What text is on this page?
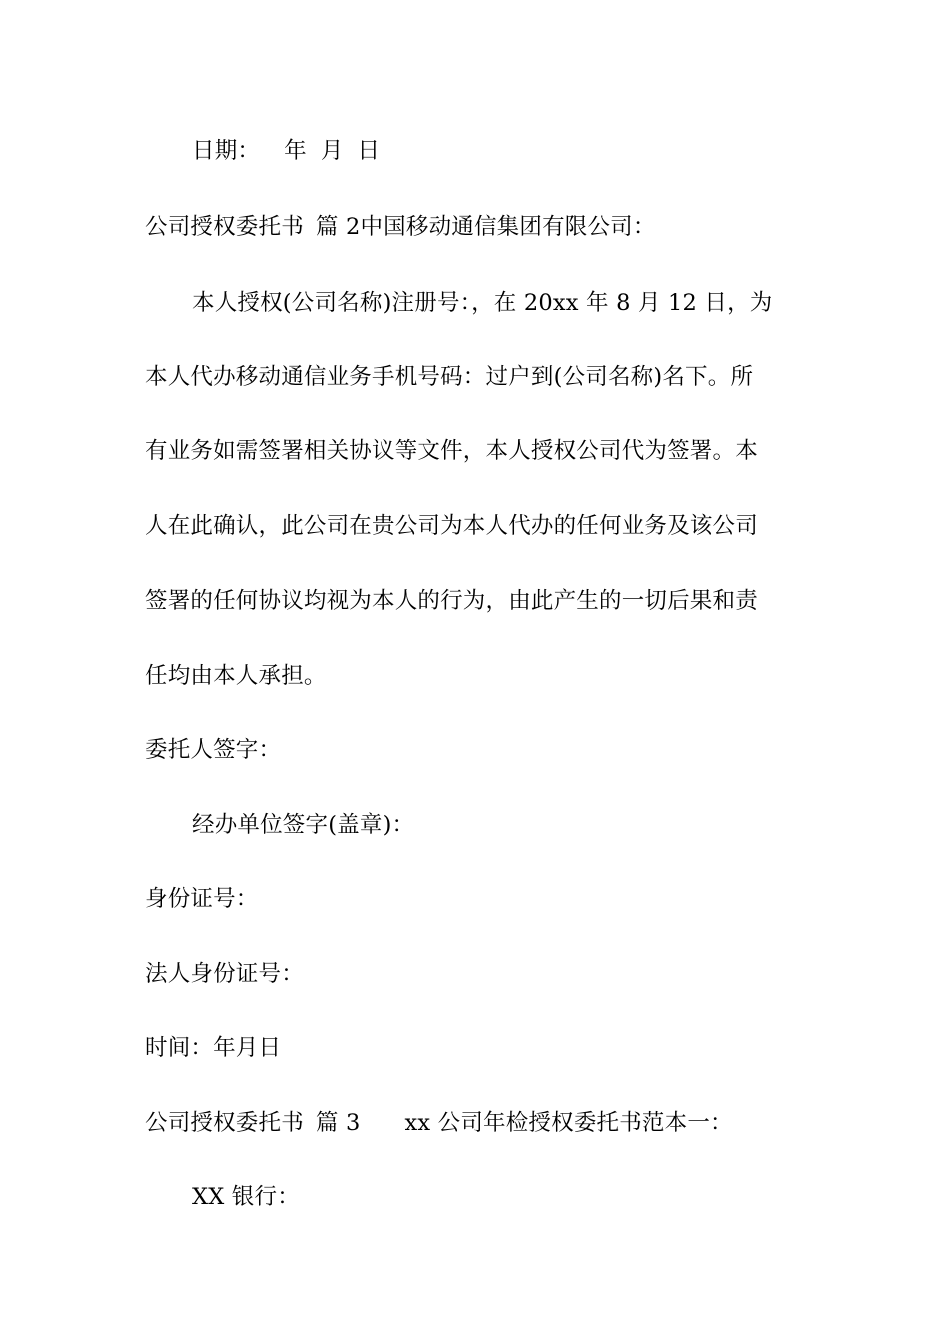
日期： 年 月 日
公司授权委托书 篇 2中国移动通信集团有限公司：
本人授权(公司名称)注册号：，在 20xx 年 8 月 12 日，为
本人代办移动通信业务手机号码：过户到(公司名称)名下。所
有业务如需签署相关协议等文件，本人授权公司代为签署。本
人在此确认，此公司在贵公司为本人代办的任何业务及该公司
签署的任何协议均视为本人的行为，由此产生的一切后果和责
任均由本人承担。
委托人签字：
经办单位签字(盖章)：
身份证号：
法人身份证号：
时间：年月日
公司授权委托书 篇 3 xx 公司年检授权委托书范本一：
XX 银行：
